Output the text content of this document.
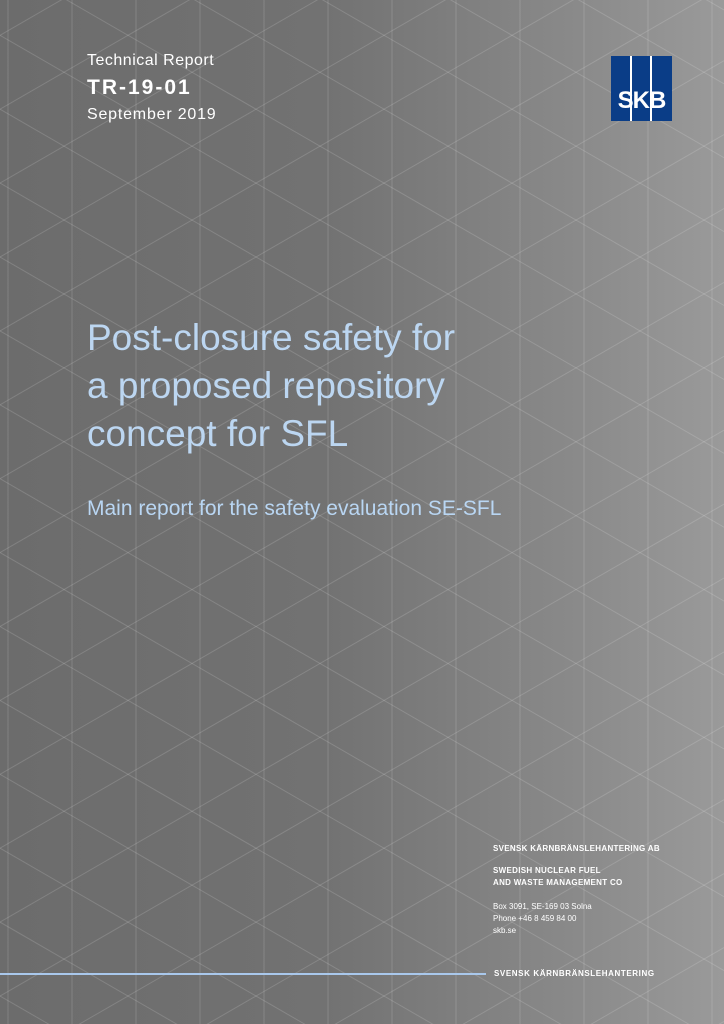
Technical Report
TR-19-01
September 2019
SKB
Post-closure safety for
a proposed repository
concept for SFL
Main report for the safety evaluation SE-SFL
SVENSK KÄRNBRÄNSLEHANTERING AB
SWEDISH NUCLEAR FUEL
AND WASTE MANAGEMENT CO
Box 3091, SE-169 03 Solna
Phone +46 8 459 84 00
skb.se
SVENSK KÄRNBRÄNSLEHANTERING
